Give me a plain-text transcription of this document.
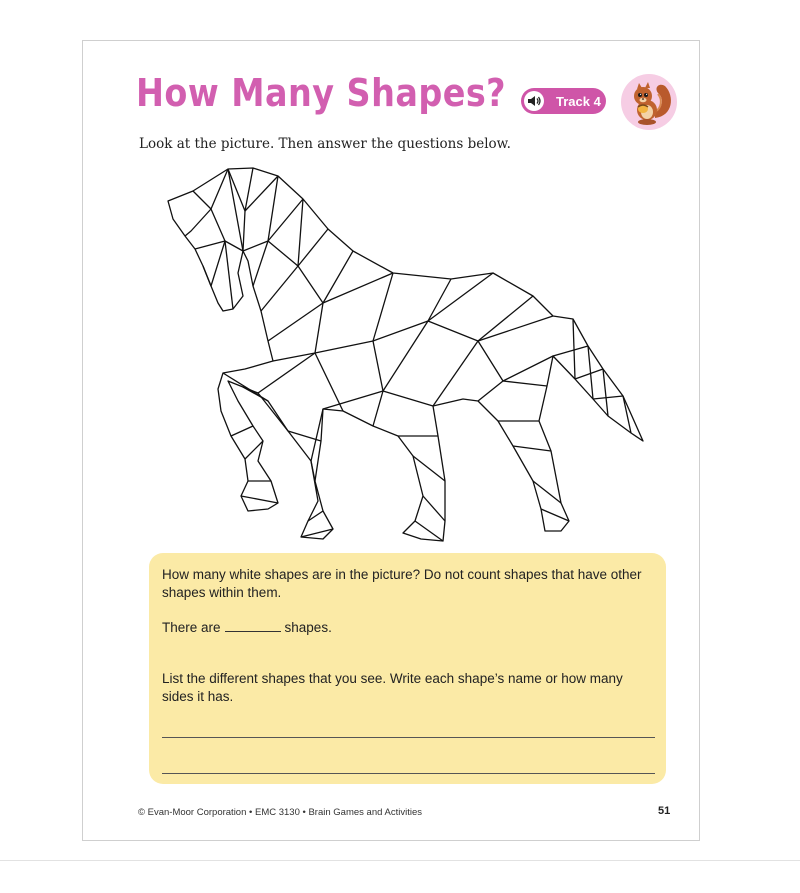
How Many Shapes?	Track 4
Look at the picture. Then answer the questions below.
How many white shapes are in the picture? Do not count shapes that have other shapes within them.
There are	shapes.
List the different shapes that you see. Write each shape’s name or how many sides it has.
© Evan-Moor Corporation • EMC 3130 • Brain Games and Activities	51
